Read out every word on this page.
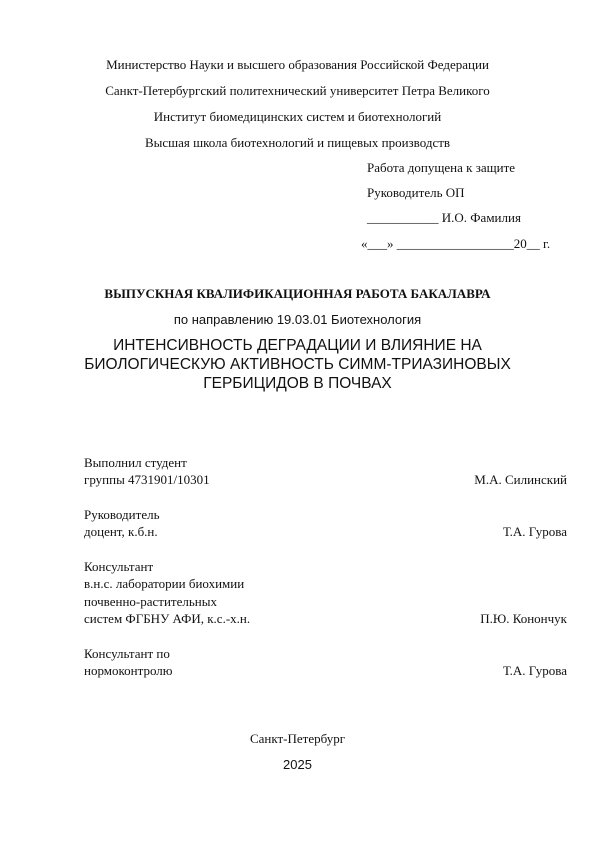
Министерство Науки и высшего образования Российской Федерации
Санкт-Петербургский политехнический университет Петра Великого
Институт биомедицинских систем и биотехнологий
Высшая школа биотехнологий и пищевых производств
Работа допущена к защите
Руководитель ОП
___________ И.О. Фамилия
«___» __________________20__ г.
ВЫПУСКНАЯ КВАЛИФИКАЦИОННАЯ РАБОТА БАКАЛАВРА
по направлению 19.03.01 Биотехнология
ИНТЕНСИВНОСТЬ ДЕГРАДАЦИИ И ВЛИЯНИЕ НА
БИОЛОГИЧЕСКУЮ АКТИВНОСТЬ СИММ-ТРИАЗИНОВЫХ
ГЕРБИЦИДОВ В ПОЧВАХ
Выполнил студент
группы 4731901/10301	М.А. Силинский
Руководитель
доцент, к.б.н.	Т.А. Гурова
Консультант
в.н.с. лаборатории биохимии
почвенно-растительных
систем ФГБНУ АФИ, к.с.-х.н.	П.Ю. Конончук
Консультант по
нормоконтролю	Т.А. Гурова
Санкт-Петербург
2025
